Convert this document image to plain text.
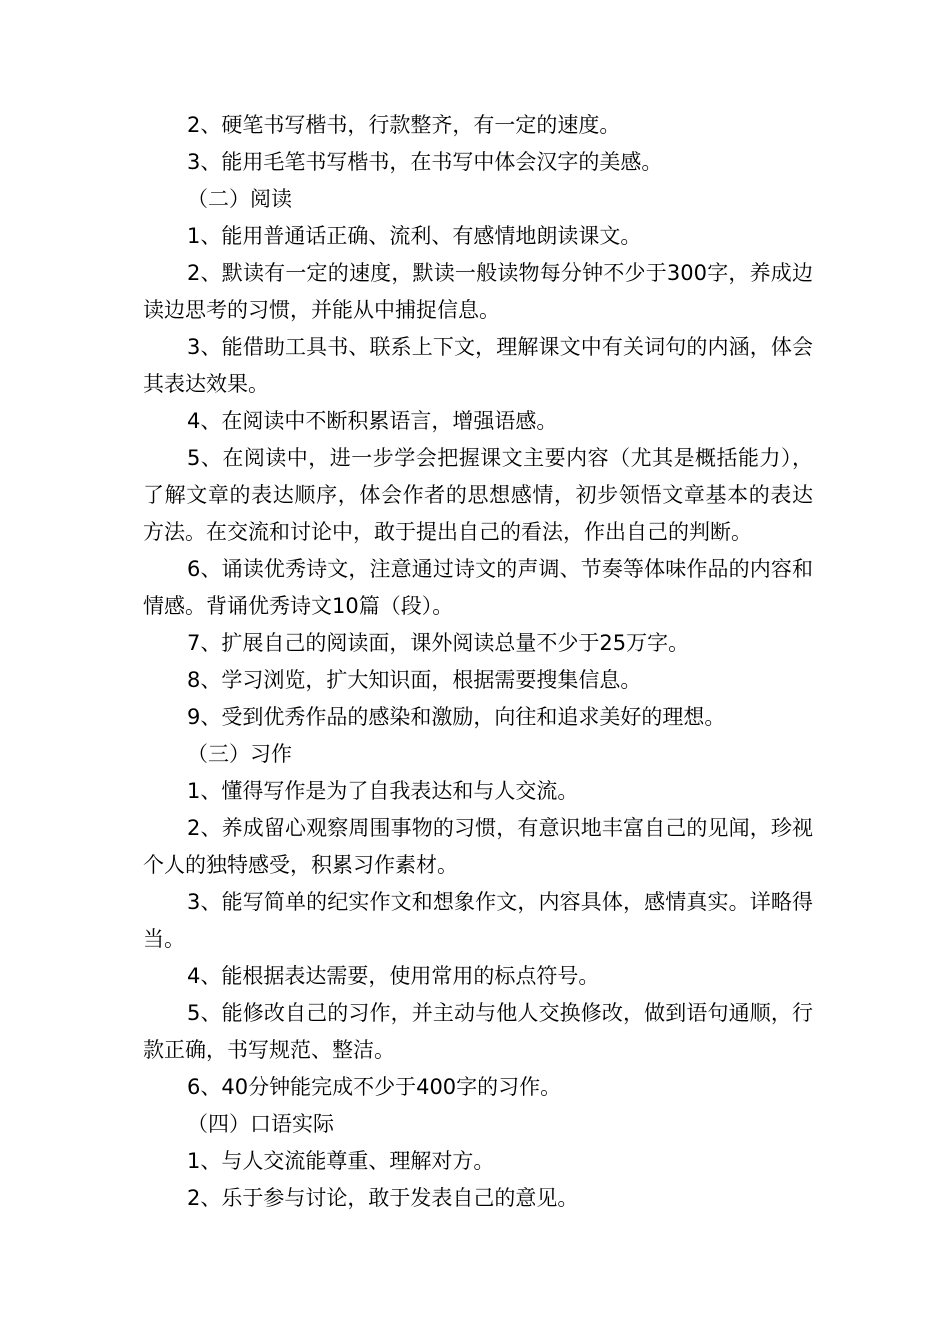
2、硬笔书写楷书，行款整齐，有一定的速度。

3、能用毛笔书写楷书，在书写中体会汉字的美感。

（二）阅读

1、能用普通话正确、流利、有感情地朗读课文。

2、默读有一定的速度，默读一般读物每分钟不少于300字，养成边读边思考的习惯，并能从中捕捉信息。

3、能借助工具书、联系上下文，理解课文中有关词句的内涵，体会其表达效果。

4、在阅读中不断积累语言，增强语感。

5、在阅读中，进一步学会把握课文主要内容（尤其是概括能力），了解文章的表达顺序，体会作者的思想感情，初步领悟文章基本的表达方法。在交流和讨论中，敢于提出自己的看法，作出自己的判断。

6、诵读优秀诗文，注意通过诗文的声调、节奏等体味作品的内容和情感。背诵优秀诗文10篇（段）。

7、扩展自己的阅读面，课外阅读总量不少于25万字。

8、学习浏览，扩大知识面，根据需要搜集信息。

9、受到优秀作品的感染和激励，向往和追求美好的理想。

（三）习作

1、懂得写作是为了自我表达和与人交流。

2、养成留心观察周围事物的习惯，有意识地丰富自己的见闻，珍视个人的独特感受，积累习作素材。

3、能写简单的纪实作文和想象作文，内容具体，感情真实。详略得当。

4、能根据表达需要，使用常用的标点符号。

5、能修改自己的习作，并主动与他人交换修改，做到语句通顺，行款正确，书写规范、整洁。

6、40分钟能完成不少于400字的习作。

（四）口语实际

1、与人交流能尊重、理解对方。

2、乐于参与讨论，敢于发表自己的意见。
